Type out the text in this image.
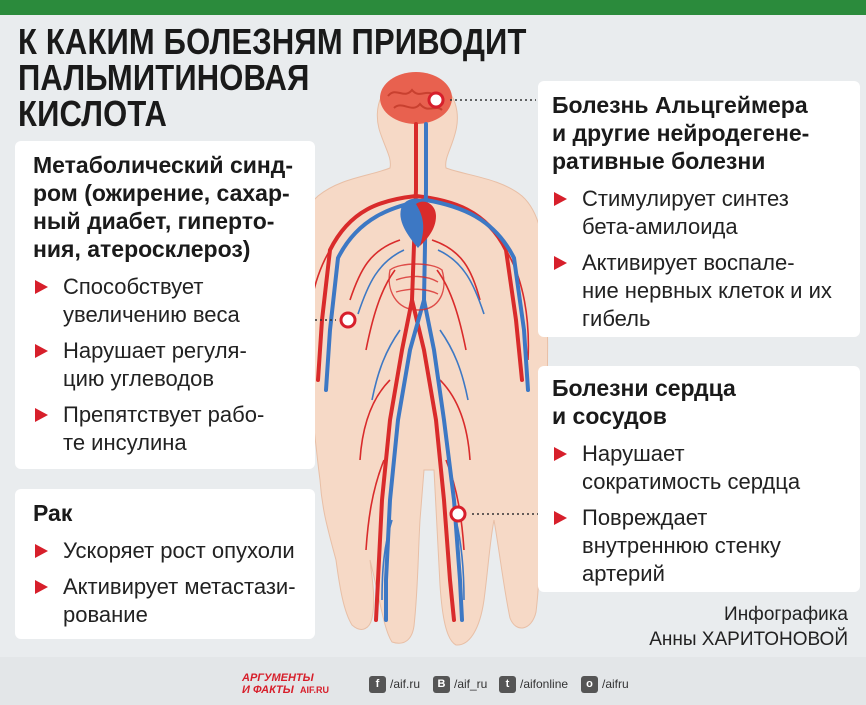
К КАКИМ БОЛЕЗНЯМ ПРИВОДИТ
ПАЛЬМИТИНОВАЯ
КИСЛОТА
Метаболический синд-
ром (ожирение, сахар-
ный диабет, гиперто-
ния, атеросклероз)
Способствует
увеличению веса
Нарушает регуля-
цию углеводов
Препятствует рабо-
те инсулина
Рак
Ускоряет рост опухоли
Активирует метастази-
рование
Болезнь Альцгеймера
и другие нейродегене-
ративные болезни
Стимулирует синтез
бета-амилоида
Активирует воспале-
ние нервных клеток и их
гибель
Болезни сердца
и сосудов
Нарушает
сократимость сердца
Повреждает
внутреннюю стенку
артерий
Инфографика
Анны ХАРИТОНОВОЙ
АРГУМЕНТЫ
И ФАКТЫ AIF.RU	f /aif.ru	B /aif_ru	t /aifonline	o /aifru
